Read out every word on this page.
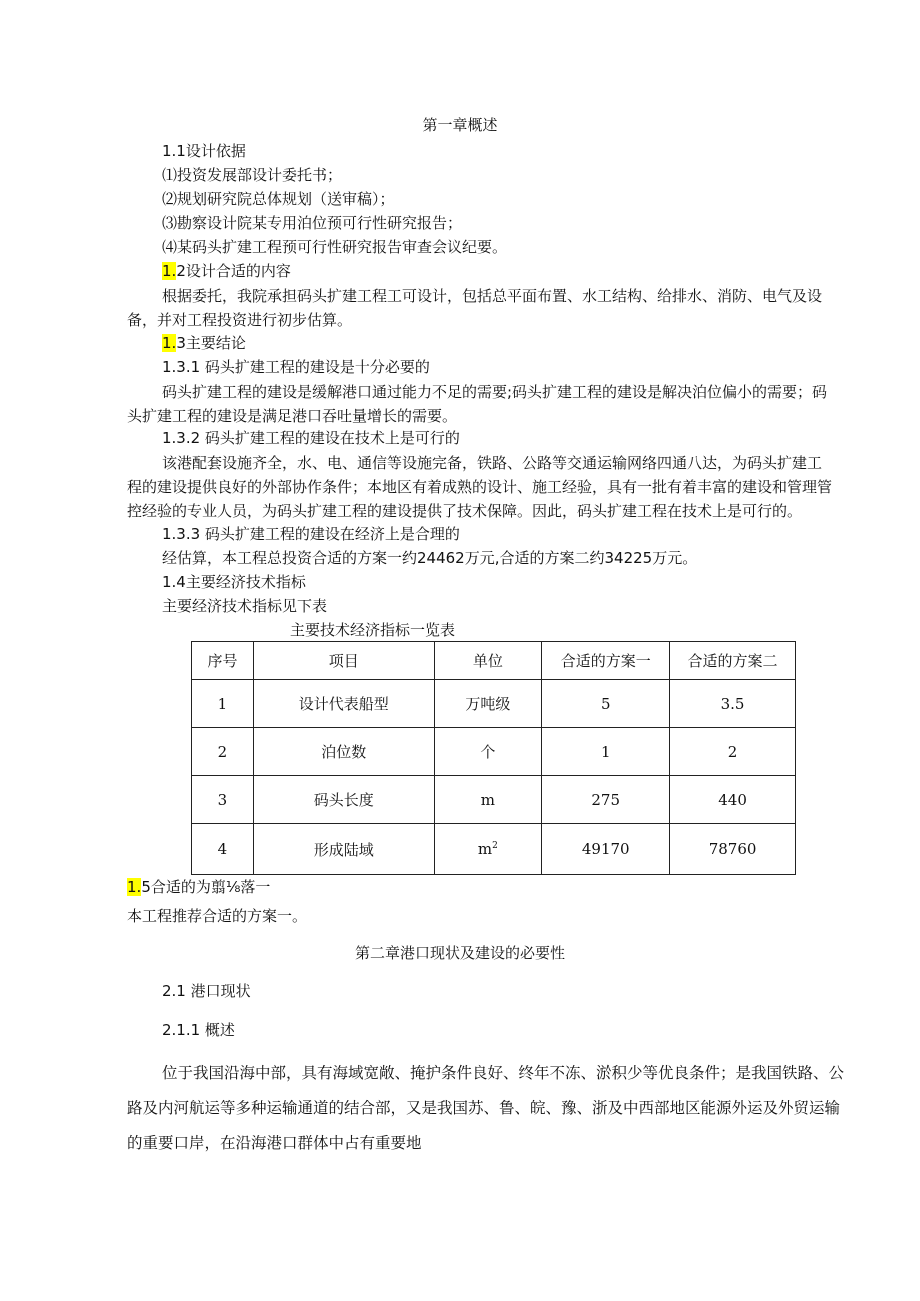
第一章概述
1.1设计依据
⑴投资发展部设计委托书；
⑵规划研究院总体规划（送审稿）；
⑶勘察设计院某专用泊位预可行性研究报告；
⑷某码头扩建工程预可行性研究报告审查会议纪要。
1.2设计合适的内容
根据委托，我院承担码头扩建工程工可设计，包括总平面布置、水工结构、给排水、消防、电气及设备，并对工程投资进行初步估算。
1.3主要结论
1.3.1 码头扩建工程的建设是十分必要的
码头扩建工程的建设是缓解港口通过能力不足的需要;码头扩建工程的建设是解决泊位偏小的需要；码头扩建工程的建设是满足港口吞吐量增长的需要。
1.3.2 码头扩建工程的建设在技术上是可行的
该港配套设施齐全，水、电、通信等设施完备，铁路、公路等交通运输网络四通八达，为码头扩建工程的建设提供良好的外部协作条件；本地区有着成熟的设计、施工经验，具有一批有着丰富的建设和管理管控经验的专业人员，为码头扩建工程的建设提供了技术保障。因此，码头扩建工程在技术上是可行的。
1.3.3 码头扩建工程的建设在经济上是合理的
经估算，本工程总投资合适的方案一约24462万元,合适的方案二约34225万元。
1.4主要经济技术指标
主要经济技术指标见下表
主要技术经济指标一览表
序号	项目	单位	合适的方案一	合适的方案二
1	设计代表船型	万吨级	5	3.5
2	泊位数	个	1	2
3	码头长度	m	275	440
4	形成陆域	$m^2$	49170	78760
1.5合适的为翦⅛落一
本工程推荐合适的方案一。
第二章港口现状及建设的必要性
2.1 港口现状
2.1.1 概述
位于我国沿海中部，具有海域宽敞、掩护条件良好、终年不冻、淤积少等优良条件；是我国铁路、公路及内河航运等多种运输通道的结合部，又是我国苏、鲁、皖、豫、浙及中西部地区能源外运及外贸运输的重要口岸，在沿海港口群体中占有重要地
